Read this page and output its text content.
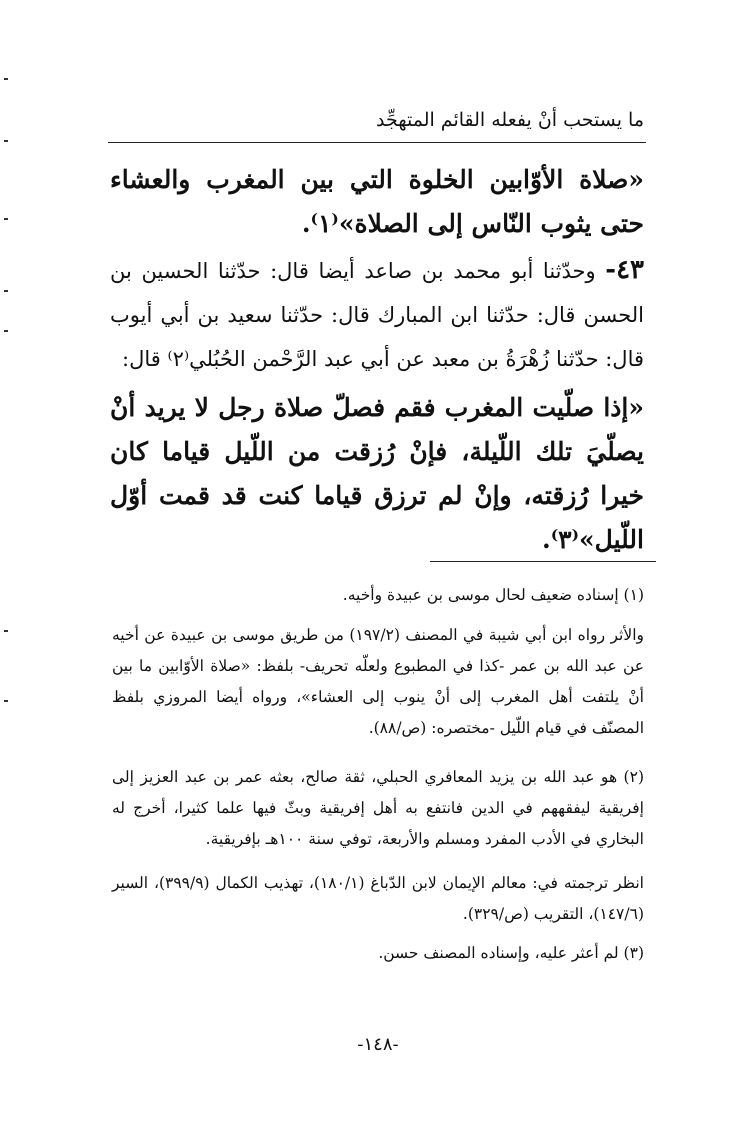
ما يستحب أنْ يفعله القائم المتهجِّد
«صلاة الأوّابين الخلوة التي بين المغرب والعشاء حتى يثوب النّاس إلى الصلاة»⁽١⁾.
٤٣- وحدّثنا أبو محمد بن صاعد أيضا قال: حدّثنا الحسين بن الحسن قال: حدّثنا ابن المبارك قال: حدّثنا سعيد بن أبي أيوب قال: حدّثنا زُهْرَةُ بن معبد عن أبي عبد الرَّحْمن الحُبُلي⁽٢⁾ قال:
«إذا صلّيت المغرب فقم فصلّ صلاة رجل لا يريد أنْ يصلّيَ تلك اللّيلة، فإنْ رُزقت من اللّيل قياما كان خيرا رُزقته، وإنْ لم ترزق قياما كنت قد قمت أوّل اللّيل»⁽٣⁾.
(١) إسناده ضعيف لحال موسى بن عبيدة وأخيه.
والأثر رواه ابن أبي شيبة في المصنف (١٩٧/٢) من طريق موسى بن عبيدة عن أخيه عن عبد الله بن عمر -كذا في المطبوع ولعلّه تحريف- بلفظ: «صلاة الأوّابين ما بين أنْ يلتفت أهل المغرب إلى أنْ ينوب إلى العشاء»، ورواه أيضا المروزي بلفظ المصنّف في قيام اللّيل -مختصره: (ص/٨٨).
(٢) هو عبد الله بن يزيد المعافري الحبلي، ثقة صالح، بعثه عمر بن عبد العزيز إلى إفريقية ليفقههم في الدين فانتفع به أهل إفريقية وبثّ فيها علما كثيرا، أخرج له البخاري في الأدب المفرد ومسلم والأربعة، توفي سنة ١٠٠هـ بإفريقية.
انظر ترجمته في: معالم الإيمان لابن الدّباغ (١٨٠/١)، تهذيب الكمال (٣٩٩/٩)، السير (١٤٧/٦)، التقريب (ص/٣٢٩).
(٣) لم أعثر عليه، وإسناده المصنف حسن.
-١٤٨-
